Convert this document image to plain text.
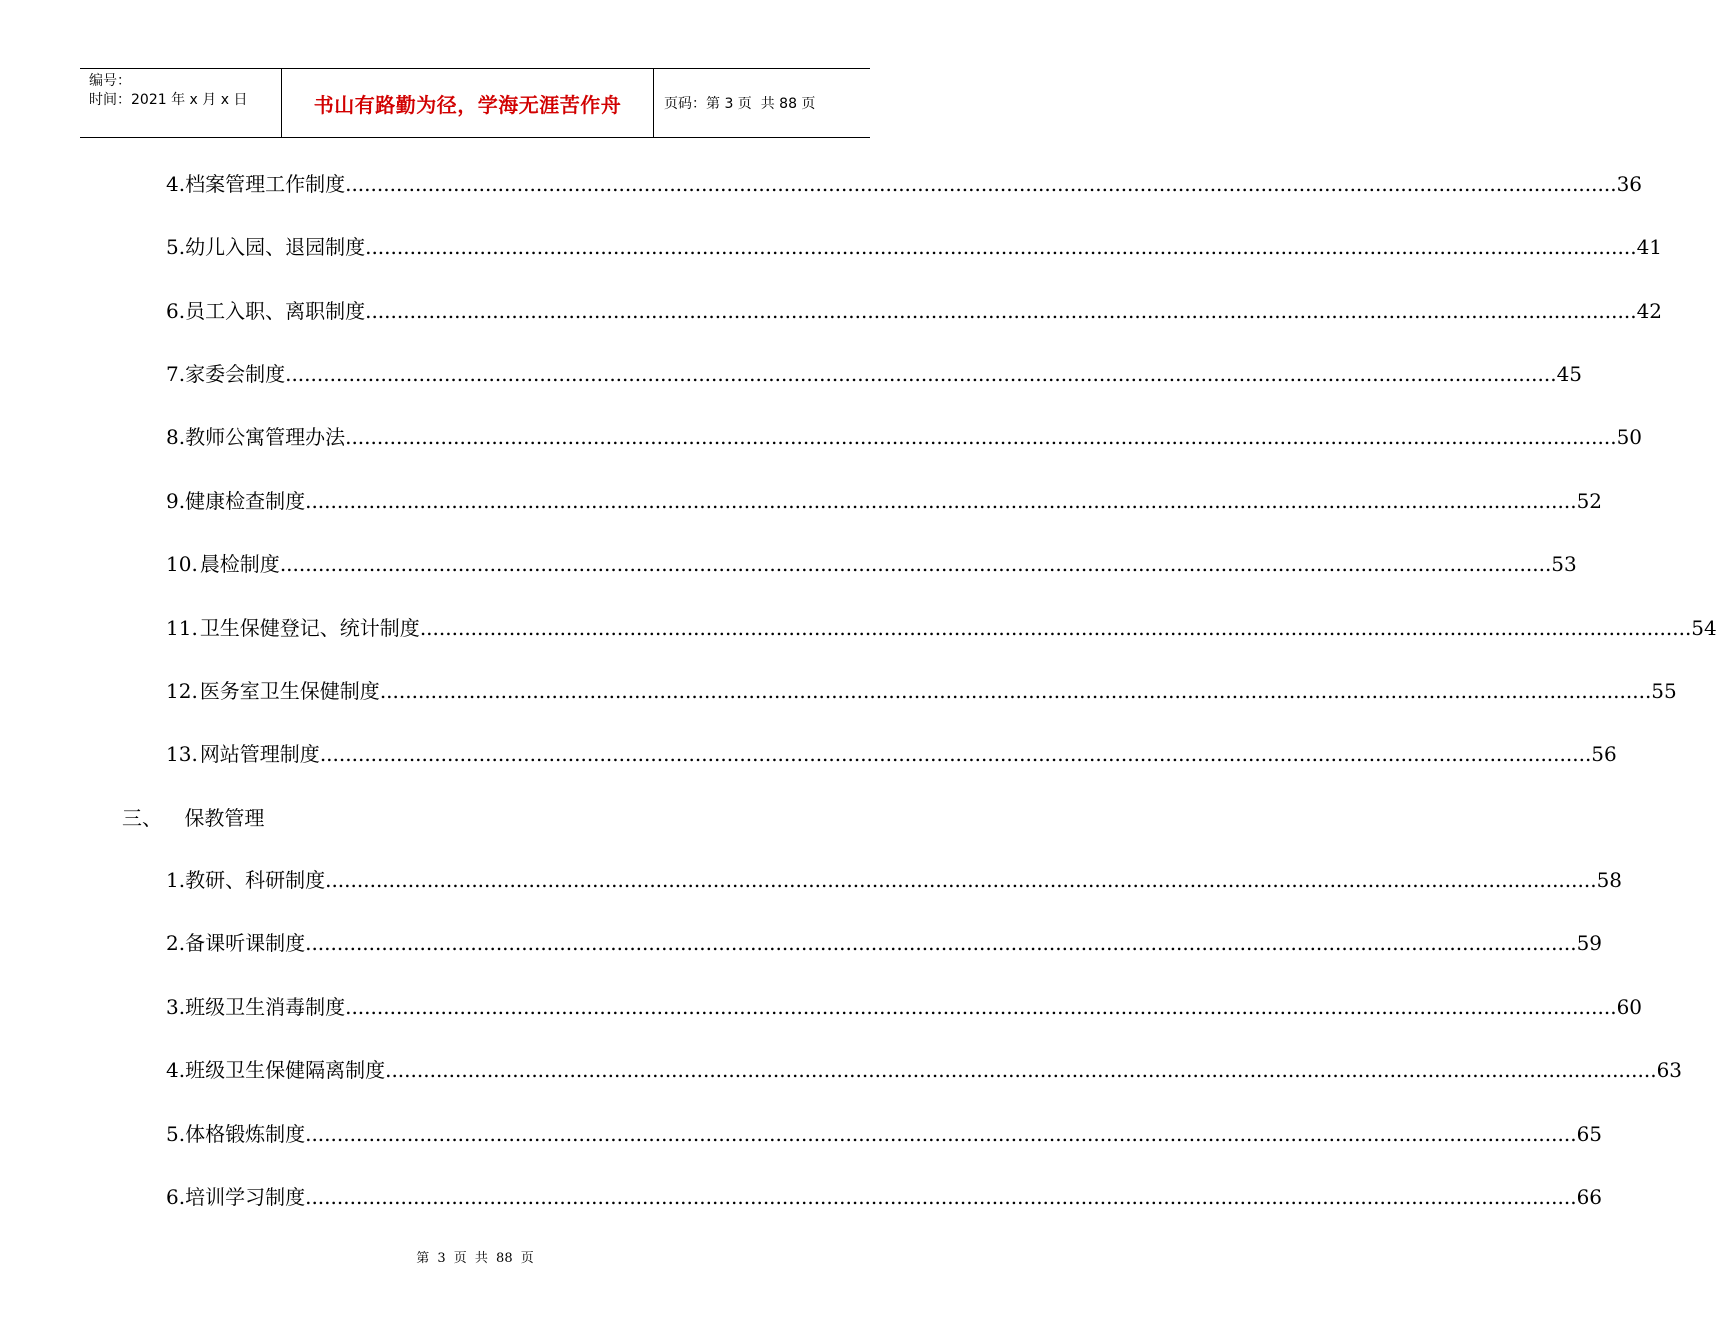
编号：
时间：2021 年 x 月 x 日	书山有路勤为径，学海无涯苦作舟	页码：第 3 页  共 88 页
4. 档案管理工作制度 ........................................................................................................................................................................................................ 36
5. 幼儿入园、退园制度 ........................................................................................................................................................................................................ 41
6. 员工入职、离职制度 ........................................................................................................................................................................................................ 42
7. 家委会制度 ........................................................................................................................................................................................................ 45
8. 教师公寓管理办法 ........................................................................................................................................................................................................ 50
9. 健康检查制度 ........................................................................................................................................................................................................ 52
10. 晨检制度 ........................................................................................................................................................................................................ 53
11. 卫生保健登记、统计制度 ........................................................................................................................................................................................................ 54
12. 医务室卫生保健制度 ........................................................................................................................................................................................................ 55
13. 网站管理制度 ........................................................................................................................................................................................................ 56
三、 保教管理
1. 教研、科研制度 ........................................................................................................................................................................................................ 58
2. 备课听课制度 ........................................................................................................................................................................................................ 59
3. 班级卫生消毒制度 ........................................................................................................................................................................................................ 60
4. 班级卫生保健隔离制度 ........................................................................................................................................................................................................ 63
5. 体格锻炼制度 ........................................................................................................................................................................................................ 65
6. 培训学习制度 ........................................................................................................................................................................................................ 66
第 3 页 共 88 页
